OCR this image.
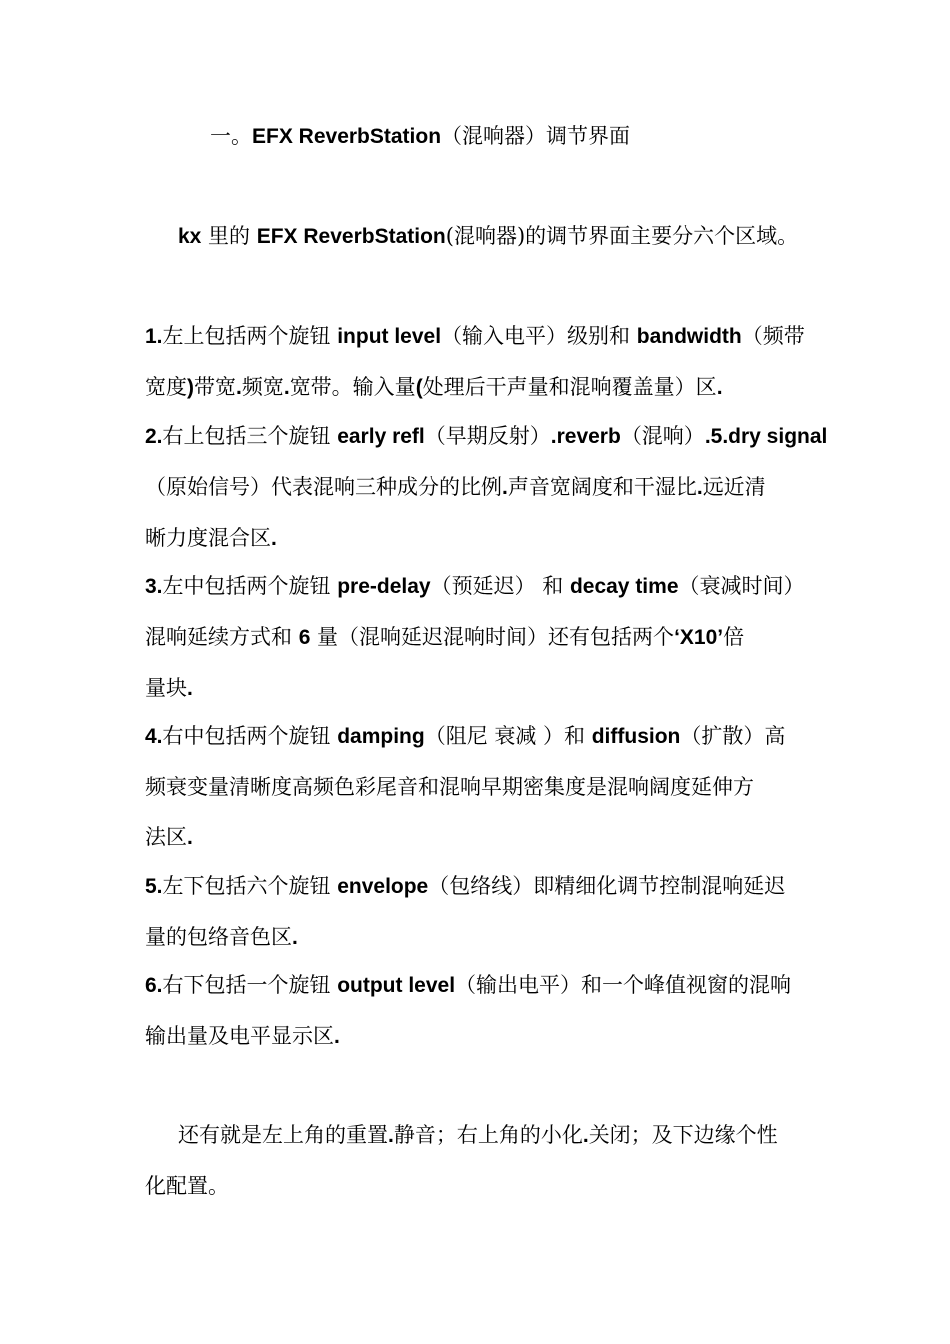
一。EFX ReverbStation（混响器）调节界面

kx 里的 EFX ReverbStation(混响器)的调节界面主要分六个区域。

1.左上包括两个旋钮 input level（输入电平）级别和 bandwidth（频带
宽度)带宽.频宽.宽带。输入量(处理后干声量和混响覆盖量）区.
2.右上包括三个旋钮 early refl（早期反射）.reverb（混响）.5.dry signal
（原始信号）代表混响三种成分的比例.声音宽阔度和干湿比.远近清
晰力度混合区.
3.左中包括两个旋钮 pre-delay（预延迟） 和 decay time（衰减时间）
混响延续方式和 6 量（混响延迟混响时间）还有包括两个‘X10’倍
量块.
4.右中包括两个旋钮 damping（阻尼 衰减 ）和 diffusion（扩散）高
频衰变量清晰度高频色彩尾音和混响早期密集度是混响阔度延伸方
法区.
5.左下包括六个旋钮 envelope（包络线）即精细化调节控制混响延迟
量的包络音色区.
6.右下包括一个旋钮 output level（输出电平）和一个峰值视窗的混响
输出量及电平显示区.
还有就是左上角的重置.静音；右上角的小化.关闭；及下边缘个性
化配置。
